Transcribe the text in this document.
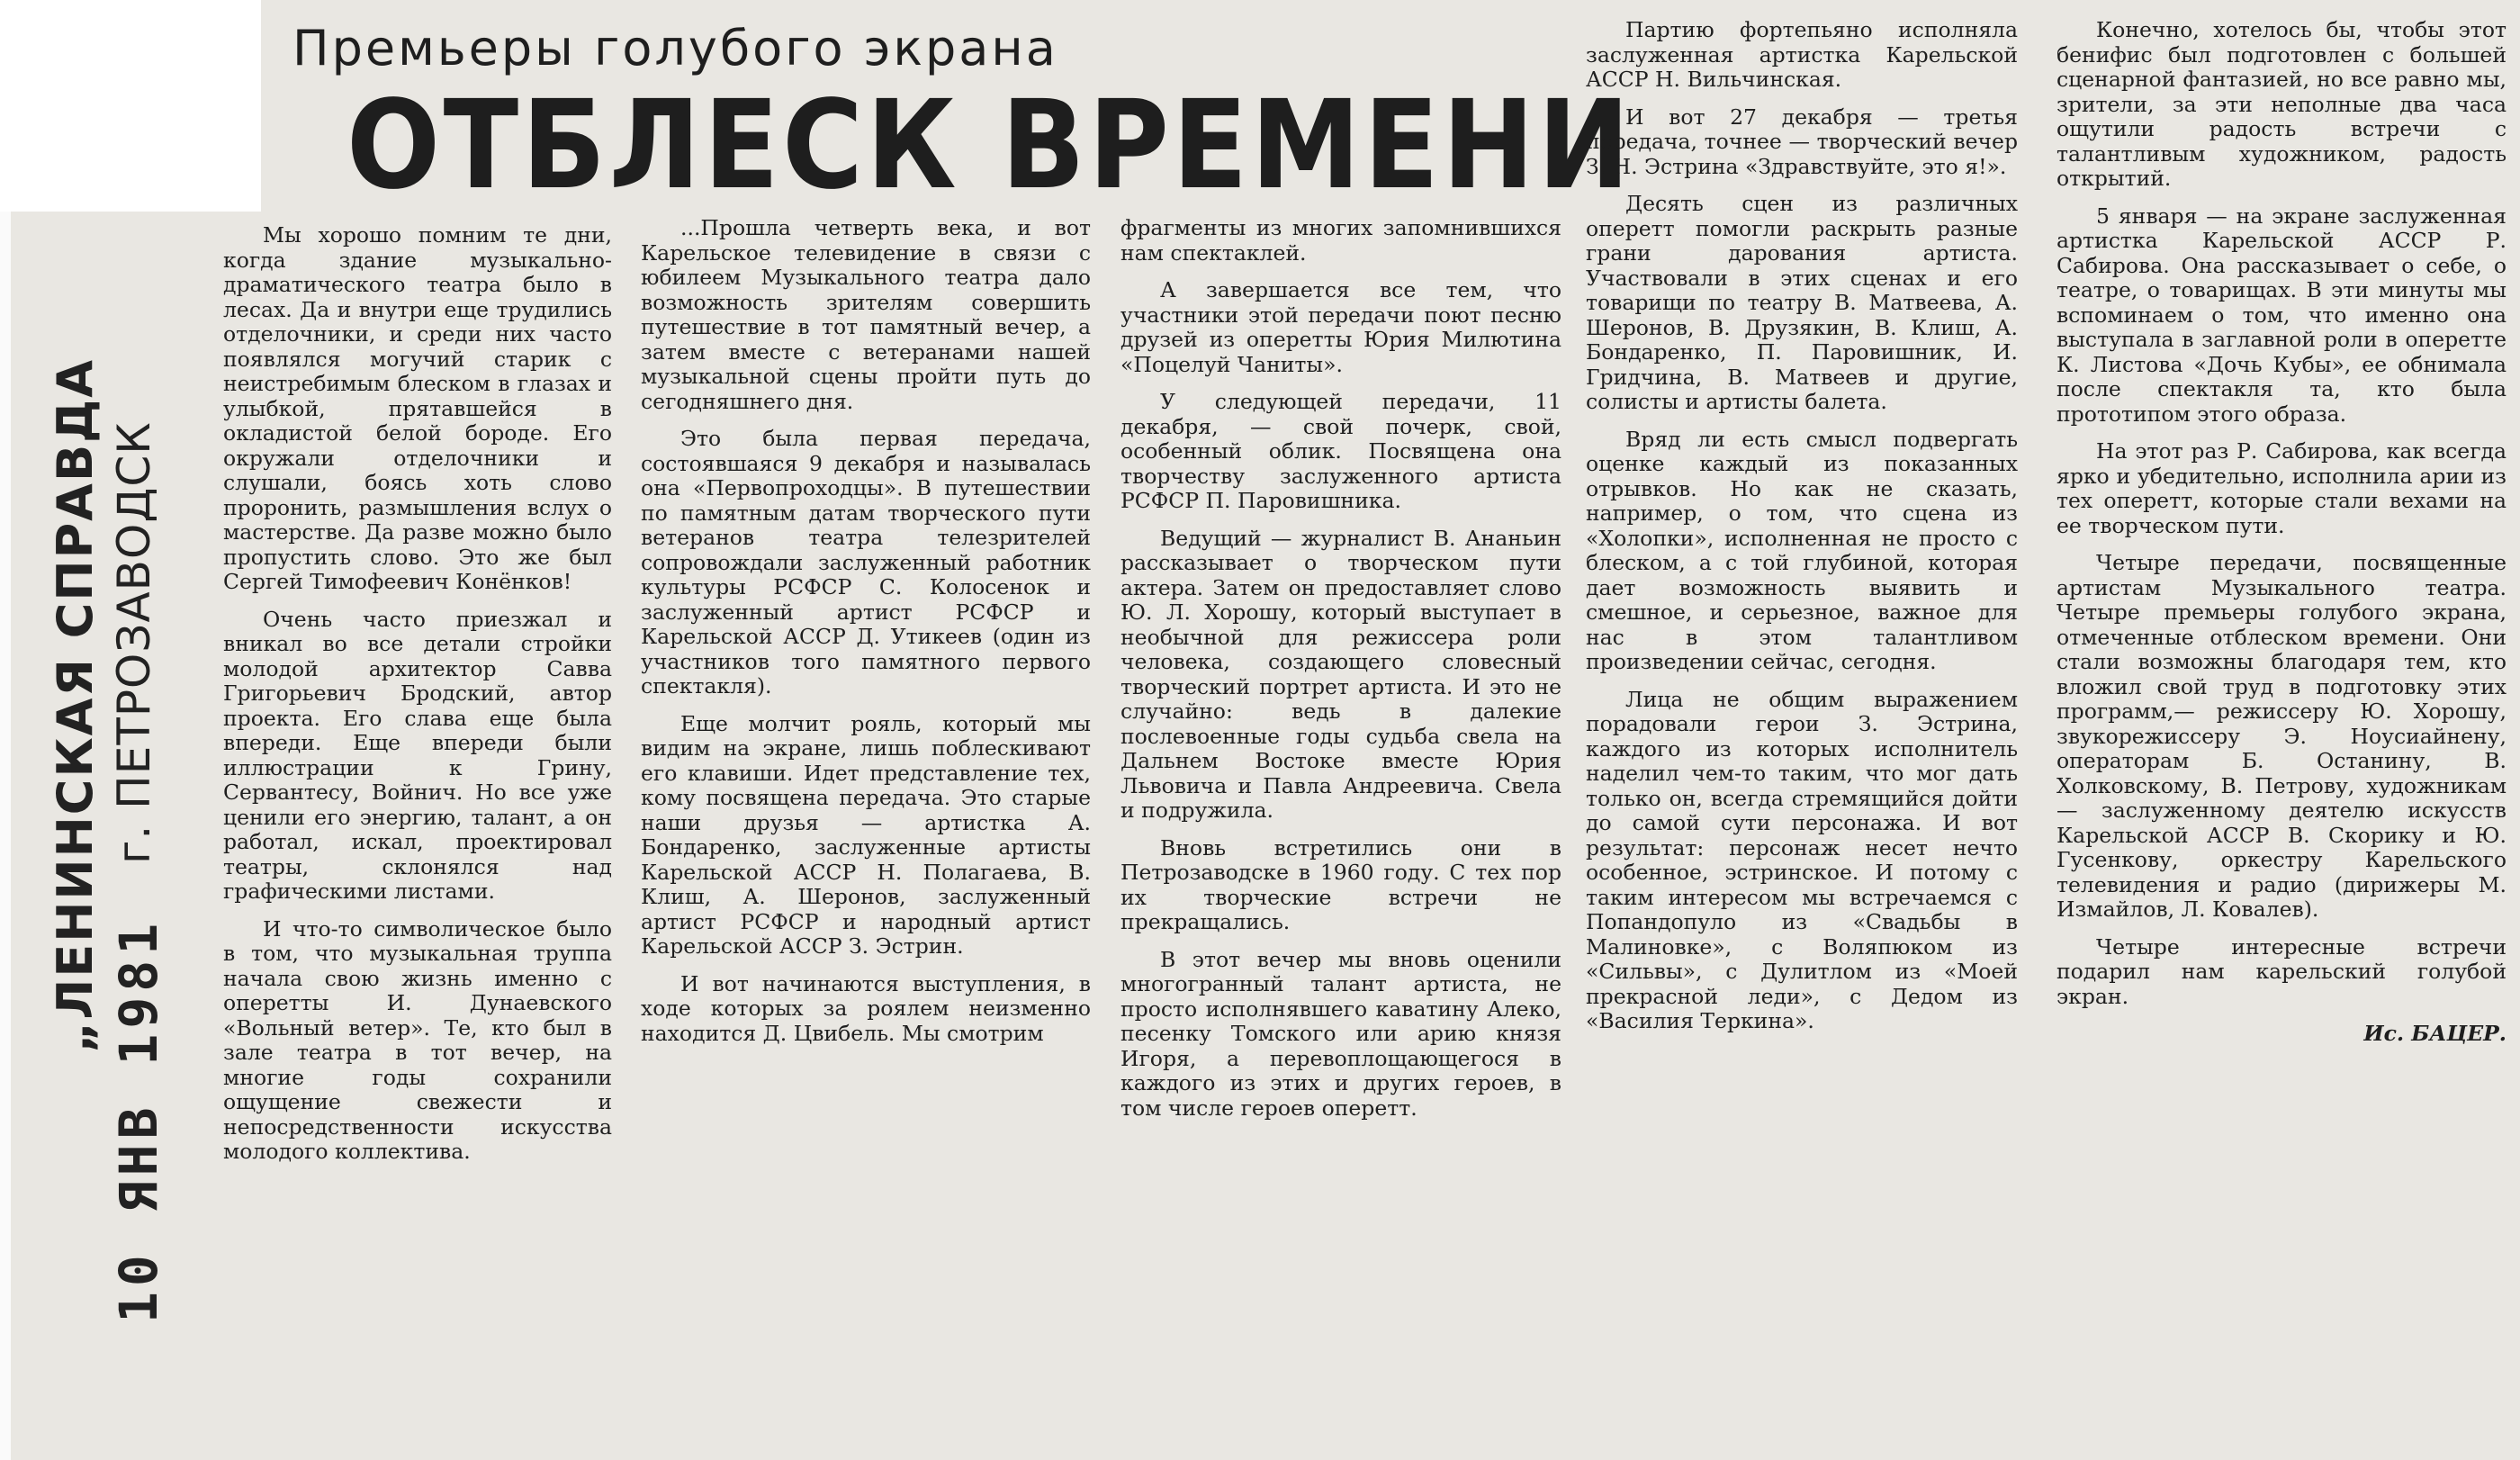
„ЛЕНИНСКАЯ СПРАВДА
10 ЯНВ 1981
г. ПЕТРОЗАВОДСК
Премьеры голубого экрана
ОТБЛЕСК ВРЕМЕНИ

Мы хорошо помним те дни, когда здание музыкально-драматического театра было в лесах. Да и внутри еще трудились отделочники, и среди них часто появлялся могучий старик с неистребимым блеском в глазах и улыбкой, прятавшейся в окладистой белой бороде. Его окружали отделочники и слушали, боясь хоть слово проронить, размышления вслух о мастерстве. Да разве можно было пропустить слово. Это же был Сергей Тимофеевич Конёнков!

Очень часто приезжал и вникал во все детали стройки молодой архитектор Савва Григорьевич Бродский, автор проекта. Его слава еще была впереди. Еще впереди были иллюстрации к Грину, Сервантесу, Войнич. Но все уже ценили его энергию, талант, а он работал, искал, проектировал театры, склонялся над графическими листами.

И что-то символическое было в том, что музыкальная труппа начала свою жизнь именно с оперетты И. Дунаевского «Вольный ветер». Те, кто был в зале театра в тот вечер, на многие годы сохранили ощущение свежести и непосредственности искусства молодого коллектива.

...Прошла четверть века, и вот Карельское телевидение в связи с юбилеем Музыкального театра дало возможность зрителям совершить путешествие в тот памятный вечер, а затем вместе с ветеранами нашей музыкальной сцены пройти путь до сегодняшнего дня.

Это была первая передача, состоявшаяся 9 декабря и называлась она «Первопроходцы». В путешествии по памятным датам творческого пути ветеранов театра телезрителей сопровождали заслуженный работник культуры РСФСР С. Колосенок и заслуженный артист РСФСР и Карельской АССР Д. Утикеев (один из участников того памятного первого спектакля).

Еще молчит рояль, который мы видим на экране, лишь поблескивают его клавиши. Идет представление тех, кому посвящена передача. Это старые наши друзья — артистка А. Бондаренко, заслуженные артисты Карельской АССР Н. Полагаева, В. Клиш, А. Шеронов, заслуженный артист РСФСР и народный артист Карельской АССР З. Эстрин.

И вот начинаются выступления, в ходе которых за роялем неизменно находится Д. Цвибель. Мы смотрим

фрагменты из многих запомнившихся нам спектаклей.

А завершается все тем, что участники этой передачи поют песню друзей из оперетты Юрия Милютина «Поцелуй Чаниты».

У следующей передачи, 11 декабря, — свой почерк, свой, особенный облик. Посвящена она творчеству заслуженного артиста РСФСР П. Паровишника.

Ведущий — журналист В. Ананьин рассказывает о творческом пути актера. Затем он предоставляет слово Ю. Л. Хорошу, который выступает в необычной для режиссера роли человека, создающего словесный творческий портрет артиста. И это не случайно: ведь в далекие послевоенные годы судьба свела на Дальнем Востоке вместе Юрия Львовича и Павла Андреевича. Свела и подружила.

Вновь встретились они в Петрозаводске в 1960 году. С тех пор их творческие встречи не прекращались.

В этот вечер мы вновь оценили многогранный талант артиста, не просто исполнявшего каватину Алеко, песенку Томского или арию князя Игоря, а перевоплощающегося в каждого из этих и других героев, в том числе героев оперетт.

Партию фортепьяно исполняла заслуженная артистка Карельской АССР Н. Вильчинская.

И вот 27 декабря — третья передача, точнее — творческий вечер З. Н. Эстрина «Здравствуйте, это я!».

Десять сцен из различных оперетт помогли раскрыть разные грани дарования артиста. Участвовали в этих сценах и его товарищи по театру В. Матвеева, А. Шеронов, В. Друзякин, В. Клиш, А. Бондаренко, П. Паровишник, И. Гридчина, В. Матвеев и другие, солисты и артисты балета.

Вряд ли есть смысл подвергать оценке каждый из показанных отрывков. Но как не сказать, например, о том, что сцена из «Холопки», исполненная не просто с блеском, а с той глубиной, которая дает возможность выявить и смешное, и серьезное, важное для нас в этом талантливом произведении сейчас, сегодня.

Лица не общим выражением порадовали герои З. Эстрина, каждого из которых исполнитель наделил чем-то таким, что мог дать только он, всегда стремящийся дойти до самой сути персонажа. И вот результат: персонаж несет нечто особенное, эстринское. И потому с таким интересом мы встречаемся с Попандопуло из «Свадьбы в Малиновке», с Воляпюком из «Сильвы», с Дулитлом из «Моей прекрасной леди», с Дедом из «Василия Теркина».

Конечно, хотелось бы, чтобы этот бенифис был подготовлен с большей сценарной фантазией, но все равно мы, зрители, за эти неполные два часа ощутили радость встречи с талантливым художником, радость открытий.

5 января — на экране заслуженная артистка Карельской АССР Р. Сабирова. Она рассказывает о себе, о театре, о товарищах. В эти минуты мы вспоминаем о том, что именно она выступала в заглавной роли в оперетте К. Листова «Дочь Кубы», ее обнимала после спектакля та, кто была прототипом этого образа.

На этот раз Р. Сабирова, как всегда ярко и убедительно, исполнила арии из тех оперетт, которые стали вехами на ее творческом пути.

Четыре передачи, посвященные артистам Музыкального театра. Четыре премьеры голубого экрана, отмеченные отблеском времени. Они стали возможны благодаря тем, кто вложил свой труд в подготовку этих программ,— режиссеру Ю. Хорошу, звукорежиссеру Э. Ноусиайнену, операторам Б. Останину, В. Холковскому, В. Петрову, художникам — заслуженному деятелю искусств Карельской АССР В. Скорику и Ю. Гусенкову, оркестру Карельского телевидения и радио (дирижеры М. Измайлов, Л. Ковалев).

Четыре интересные встречи подарил нам карельский голубой экран.

Ис. БАЦЕР.
